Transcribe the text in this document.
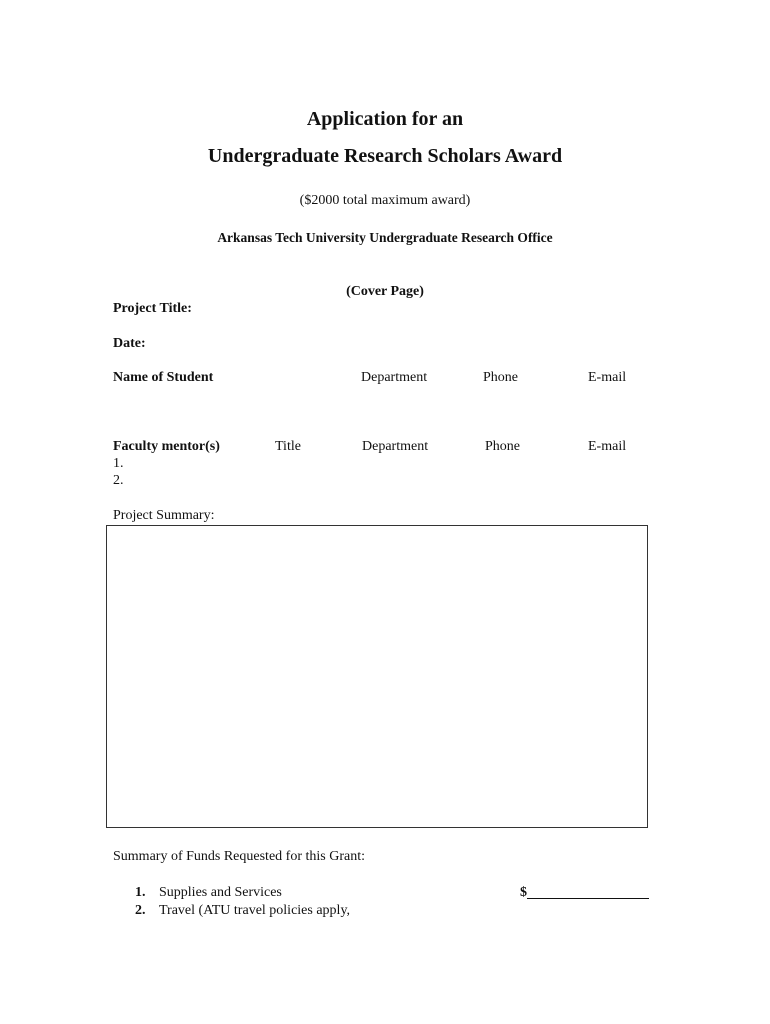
Application for an
Undergraduate Research Scholars Award
($2000 total maximum award)
Arkansas Tech University Undergraduate Research Office
(Cover Page)
Project Title:
Date:
Name of Student	Department	Phone	E-mail
Faculty mentor(s)	Title	Department	Phone	E-mail
1.
2.
Project Summary:
Summary of Funds Requested for this Grant:
1. Supplies and Services	$
2. Travel (ATU travel policies apply,
